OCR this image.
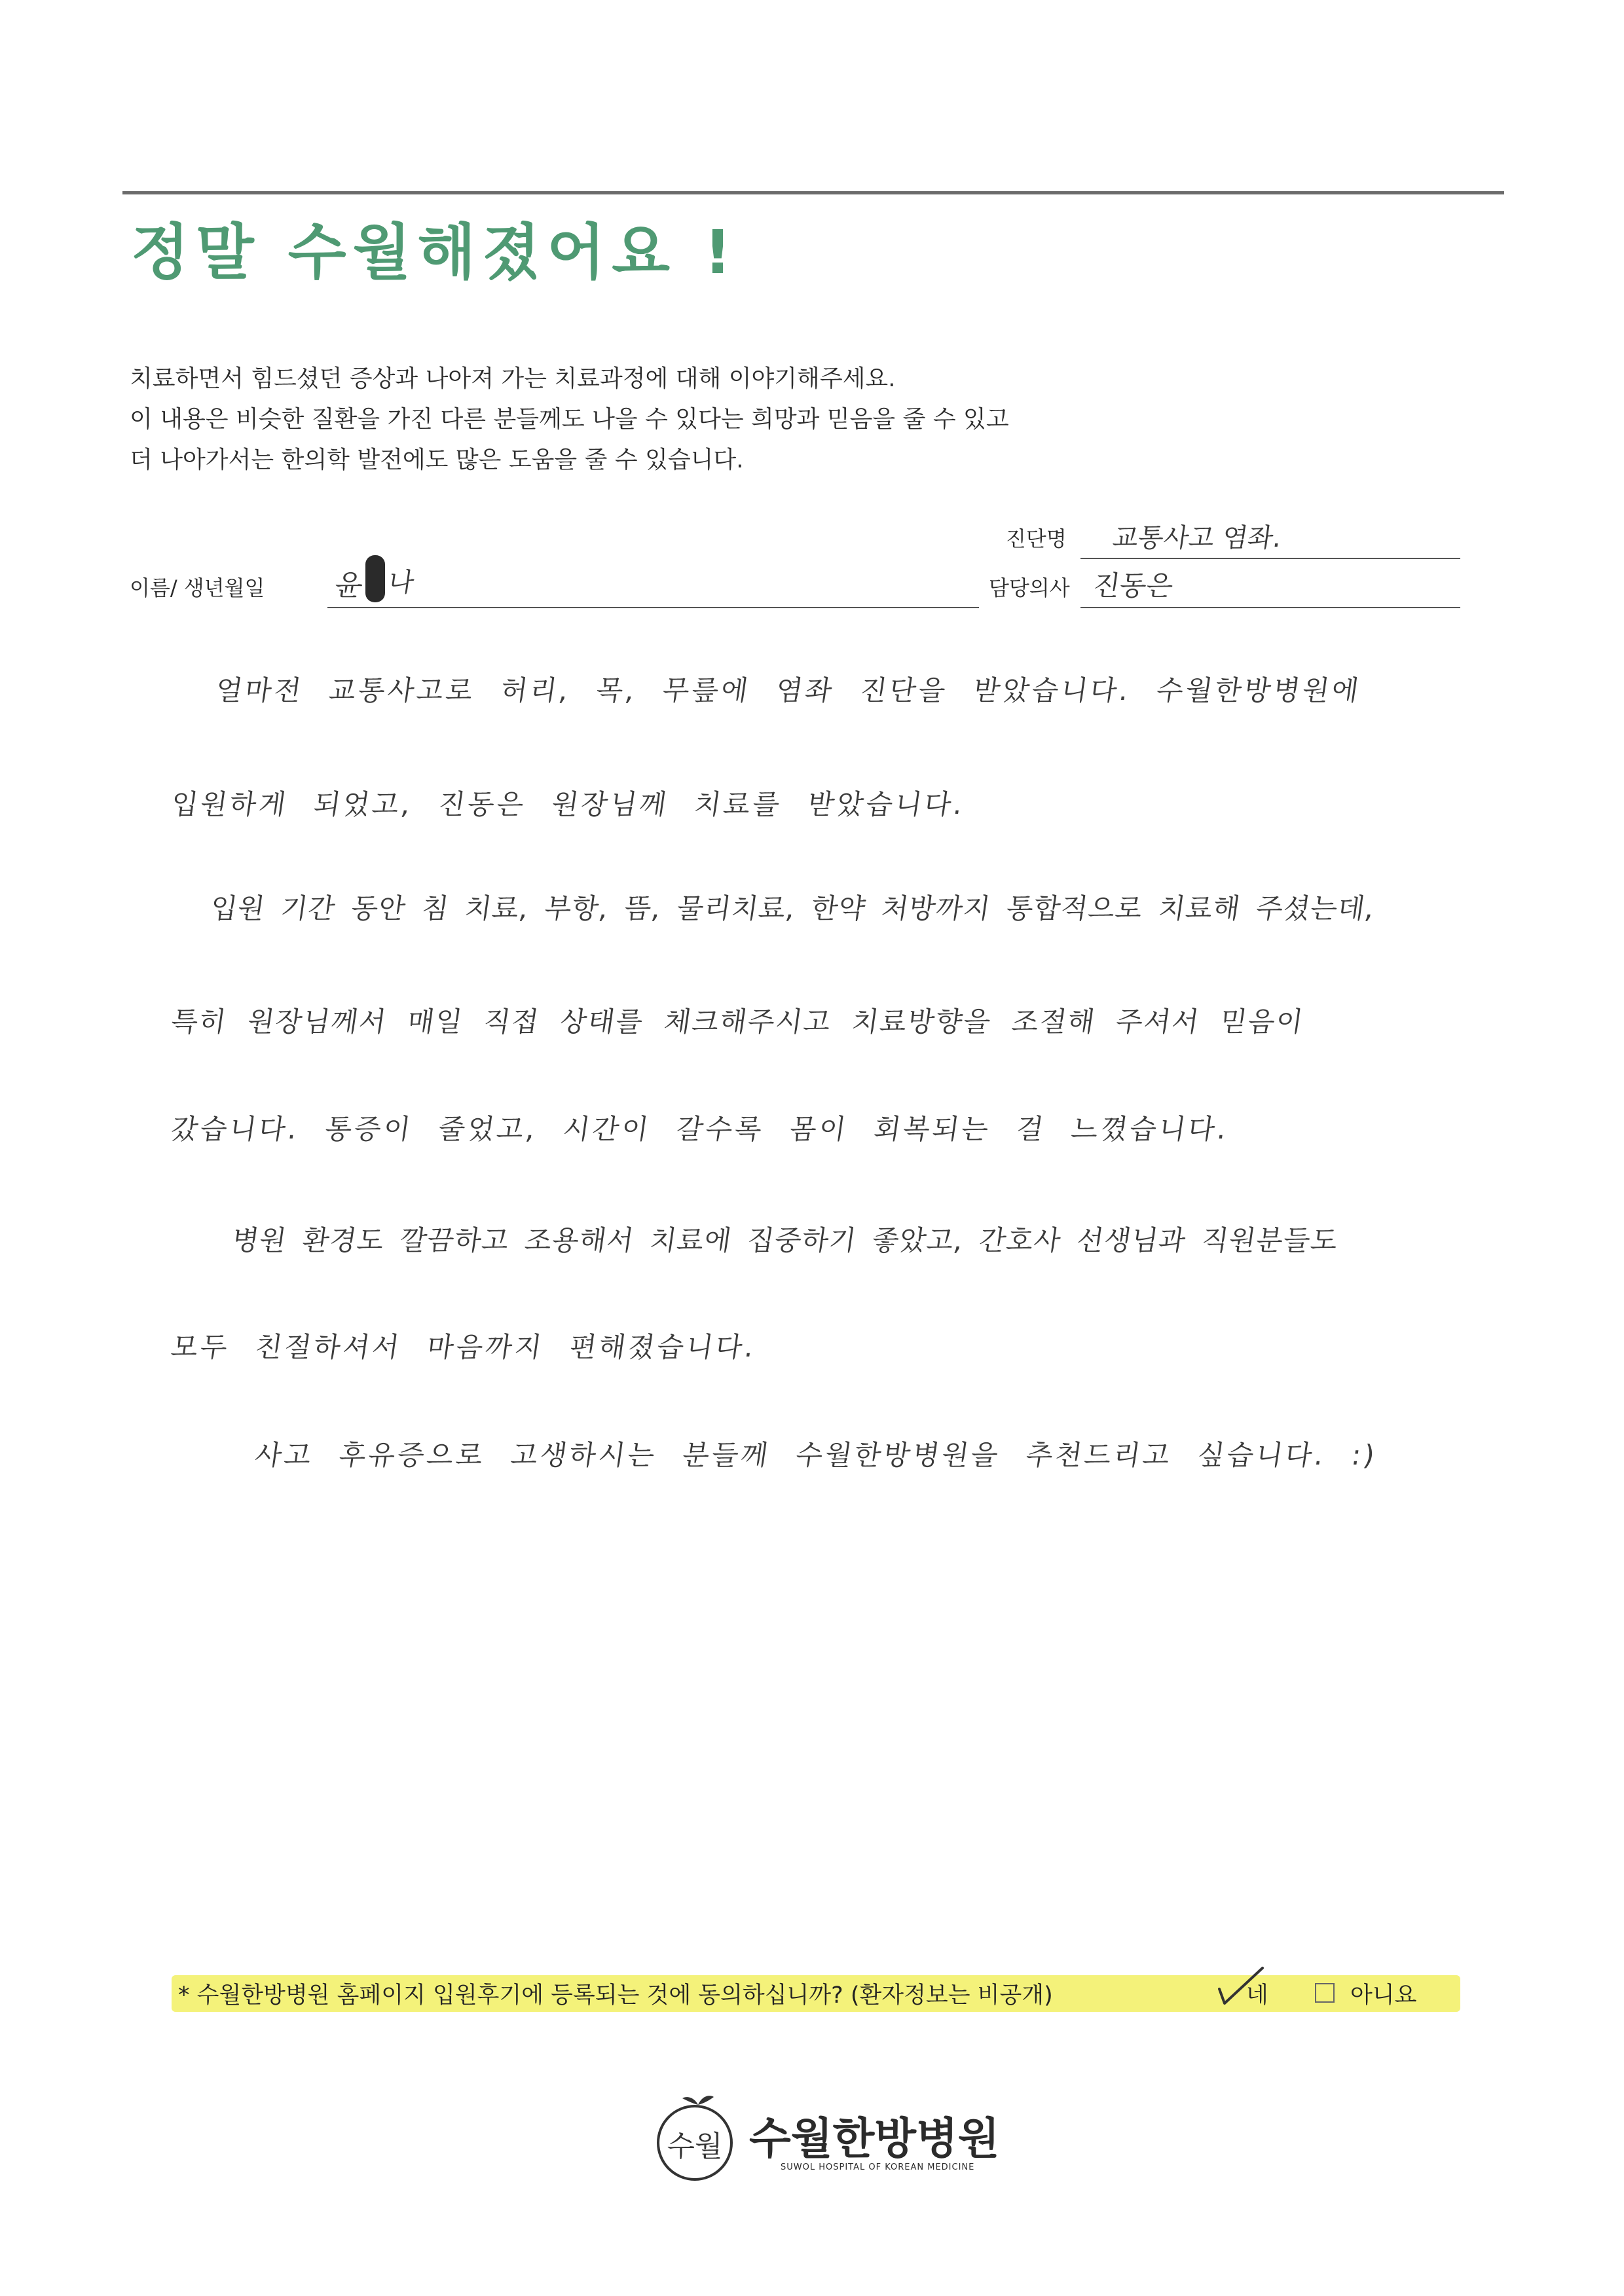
정말 수월해졌어요 !
치료하면서 힘드셨던 증상과 나아져 가는 치료과정에 대해 이야기해주세요.
이 내용은 비슷한 질환을 가진 다른 분들께도 나을 수 있다는 희망과 믿음을 줄 수 있고
더 나아가서는 한의학 발전에도 많은 도움을 줄 수 있습니다.
진단명 교통사고 염좌.
이름/ 생년월일 윤 나	담당의사 진동은
얼마전 교통사고로 허리, 목, 무릎에 염좌 진단을 받았습니다. 수월한방병원에
입원하게 되었고, 진동은 원장님께 치료를 받았습니다.
입원 기간 동안 침 치료, 부항, 뜸, 물리치료, 한약 처방까지 통합적으로 치료해 주셨는데,
특히 원장님께서 매일 직접 상태를 체크해주시고 치료방향을 조절해 주셔서 믿음이
갔습니다. 통증이 줄었고, 시간이 갈수록 몸이 회복되는 걸 느꼈습니다.
병원 환경도 깔끔하고 조용해서 치료에 집중하기 좋았고, 간호사 선생님과 직원분들도
모두 친절하셔서 마음까지 편해졌습니다.
사고 후유증으로 고생하시는 분들께 수월한방병원을 추천드리고 싶습니다. :)
* 수월한방병원 홈페이지 입원후기에 등록되는 것에 동의하십니까? (환자정보는 비공개)	네	아니요
수월 수월한방병원
SUWOL HOSPITAL OF KOREAN MEDICINE
